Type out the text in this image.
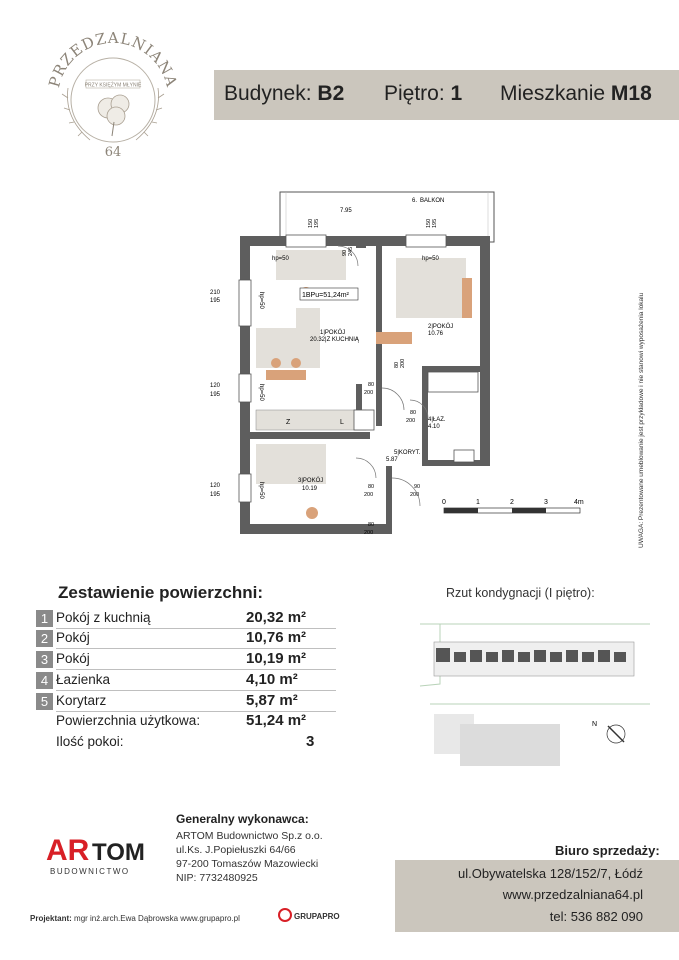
PRZEDZALNIANA
PRZY KSIĘŻYM MŁYNIE
64
Budynek: B2 Piętro: 1 Mieszkanie M18
hp=50	hp=50
hp=50
hp=50
hp=50
6. BALKON
7.95
1BPu=51,24m²
1|POKÓJ
20.32|Z KUCHNIĄ
2|POKÓJ
10.76
3|POKÓJ
10.19
4|ŁAZ.
4.10
5|KORYT.
5.87
Z	L
210
195
120
195
120
195
150 195	150 195
90 245
80
200
80 200
80
200
80
200
90
200
80
200
0	1	2	3	4m	UWAGA: Prezentowane umeblowanie jest przykładowe i nie stanowi wyposażenia lokalu
Zestawienie powierzchni:
1 Pokój z kuchnią	20,32 m²
2 Pokój	10,76 m²
3 Pokój	10,19 m²
4 Łazienka	4,10 m²
5 Korytarz	5,87 m²
Powierzchnia użytkowa:	51,24 m²
Ilość pokoi:	3
Rzut kondygnacji (I piętro):
N
AR TOM
BUDOWNICTWO
Generalny wykonawca:
ARTOM Budownictwo Sp.z o.o.
ul.Ks. J.Popiełuszki 64/66
97-200 Tomaszów Mazowiecki
NIP: 7732480925
Biuro sprzedaży:
ul.Obywatelska 128/152/7, Łódź
www.przedzalniana64.pl
tel: 536 882 090
Projektant: mgr inż.arch.Ewa Dąbrowska www.grupapro.pl	GRUPAPRO
